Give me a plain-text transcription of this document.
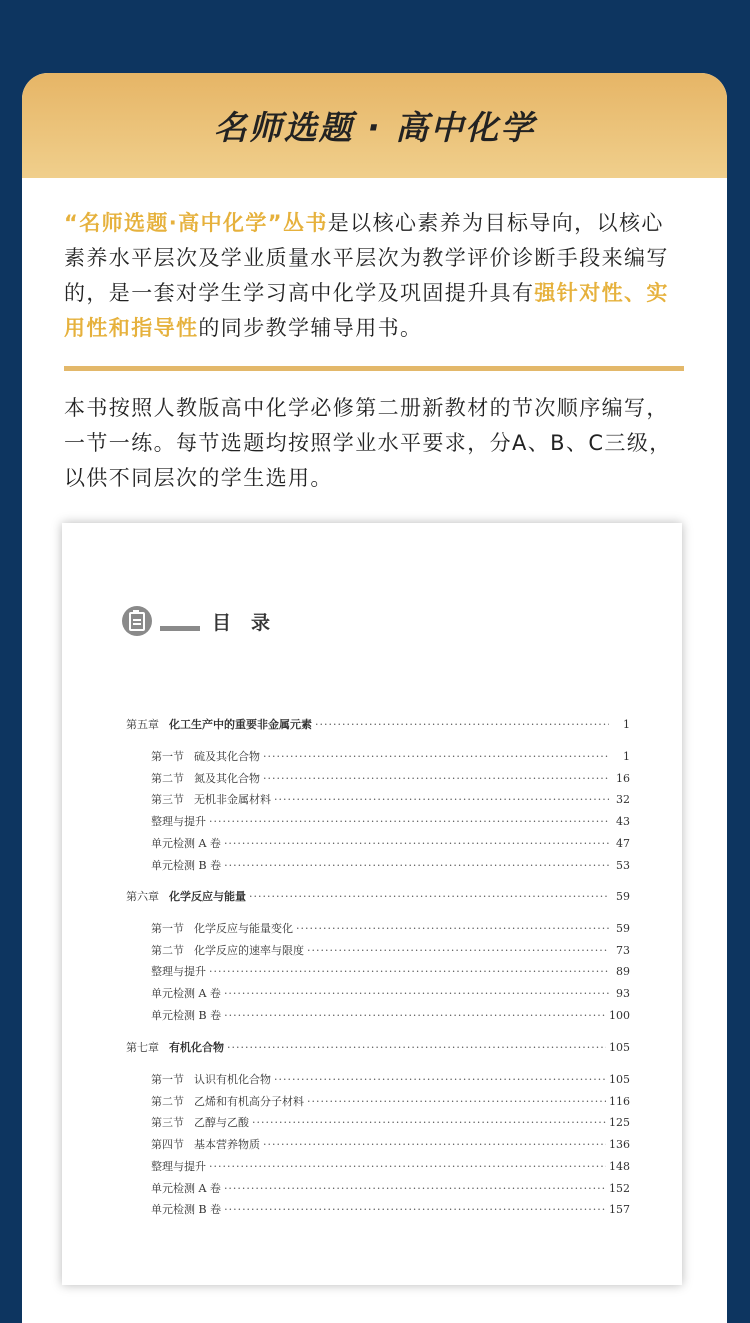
名师选题 · 高中化学
“名师选题·高中化学”丛书是以核心素养为目标导向，以核心素养水平层次及学业质量水平层次为教学评价诊断手段来编写的，是一套对学生学习高中化学及巩固提升具有强针对性、实用性和指导性的同步教学辅导用书。
本书按照人教版高中化学必修第二册新教材的节次顺序编写，一节一练。每节选题均按照学业水平要求，分A、B、C三级，以供不同层次的学生选用。
目录
第五章 化工生产中的重要非金属元素 ·····	1
第一节 硫及其化合物 ·····	1
第二节 氮及其化合物 ·····	16
第三节 无机非金属材料 ·····	32
整理与提升 ·····	43
单元检测 A 卷 ·····	47
单元检测 B 卷 ·····	53
第六章 化学反应与能量 ·····	59
第一节 化学反应与能量变化 ·····	59
第二节 化学反应的速率与限度 ·····	73
整理与提升 ·····	89
单元检测 A 卷 ·····	93
单元检测 B 卷 ·····	100
第七章 有机化合物 ·····	105
第一节 认识有机化合物 ·····	105
第二节 乙烯和有机高分子材料 ·····	116
第三节 乙醇与乙酸 ·····	125
第四节 基本营养物质 ·····	136
整理与提升 ·····	148
单元检测 A 卷 ·····	152
单元检测 B 卷 ·····	157
